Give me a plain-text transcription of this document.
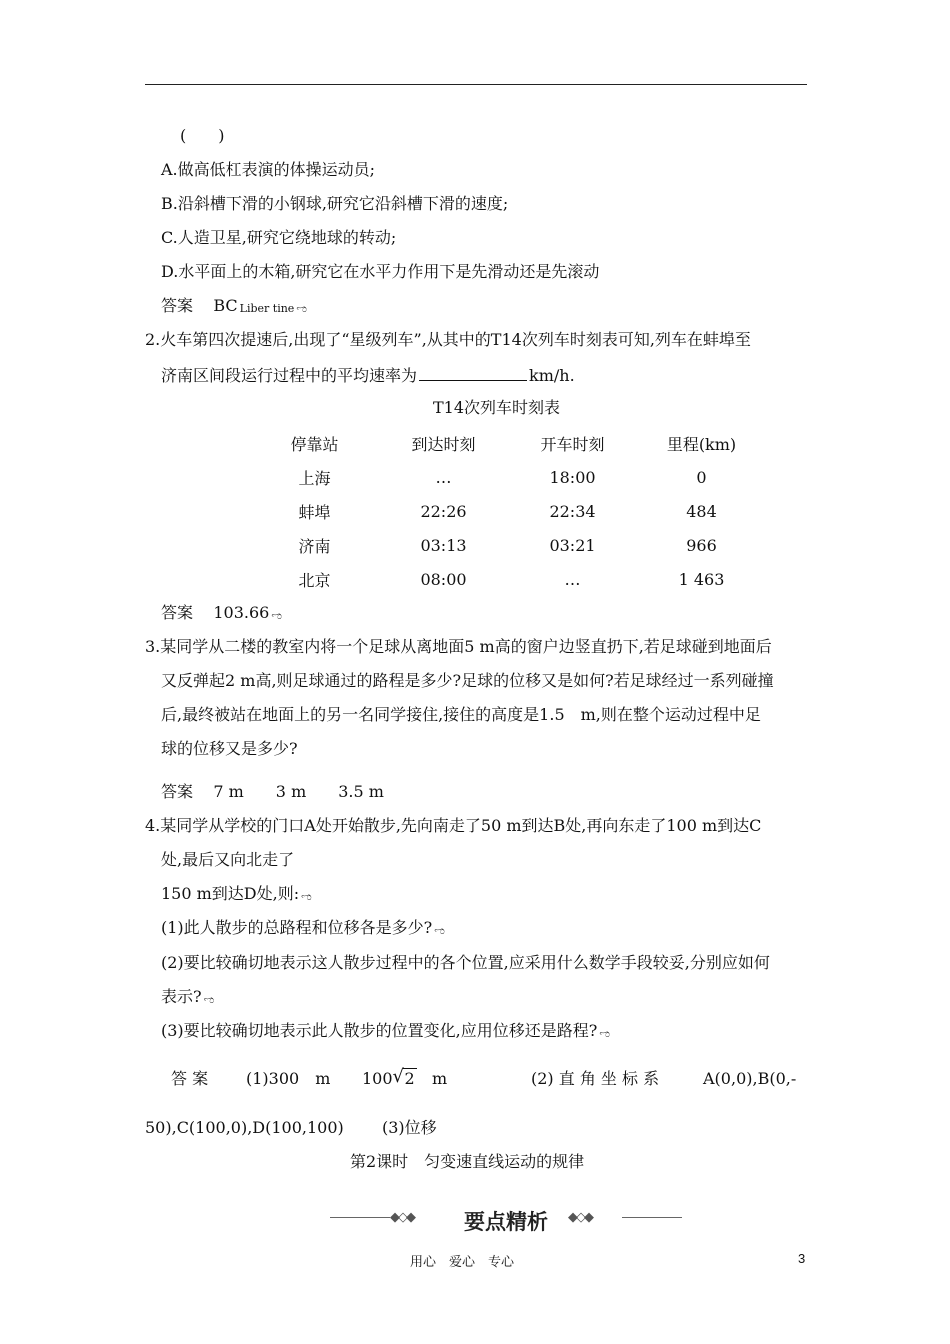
(　　)
A.做高低杠表演的体操运动员;
B.沿斜槽下滑的小钢球,研究它沿斜槽下滑的速度;
C.人造卫星,研究它绕地球的转动;
D.水平面上的木箱,研究它在水平力作用下是先滑动还是先滚动
答案 BC Liber tine ಌ
2.火车第四次提速后,出现了“星级列车”,从其中的T14次列车时刻表可知,列车在蚌埠至
济南区间段运行过程中的平均速率为	km/h.
T14次列车时刻表
停靠站	到达时刻	开车时刻	里程(km)
上海	…	18:00	0
蚌埠	22:26	22:34	484
济南	03:13	03:21	966
北京	08:00	…	1 463
答案 103.66 ಌ
3.某同学从二楼的教室内将一个足球从离地面5 m高的窗户边竖直扔下,若足球碰到地面后
又反弹起2 m高,则足球通过的路程是多少?足球的位移又是如何?若足球经过一系列碰撞
后,最终被站在地面上的另一名同学接住,接住的高度是1.5　m,则在整个运动过程中足
球的位移又是多少?
答案 7 m　　3 m　　3.5 m
4.某同学从学校的门口A处开始散步,先向南走了50 m到达B处,再向东走了100 m到达C
处,最后又向北走了
150 m到达D处,则: ಌ
(1)此人散步的总路程和位移各是多少? ಌ
(2)要比较确切地表示这人散步过程中的各个位置,应采用什么数学手段较妥,分别应如何
表示? ಌ
(3)要比较确切地表示此人散步的位置变化,应用位移还是路程? ಌ
答 案 (1)300　m 100 √ 2 m	(2) 直 角 坐 标 系	A(0,0),B(0,-
50),C(100,0),D(100,100) (3)位移
第2课时　匀变速直线运动的规律
◆◇◆	要点精析	◆◇◆
用心　爱心　专心	3
